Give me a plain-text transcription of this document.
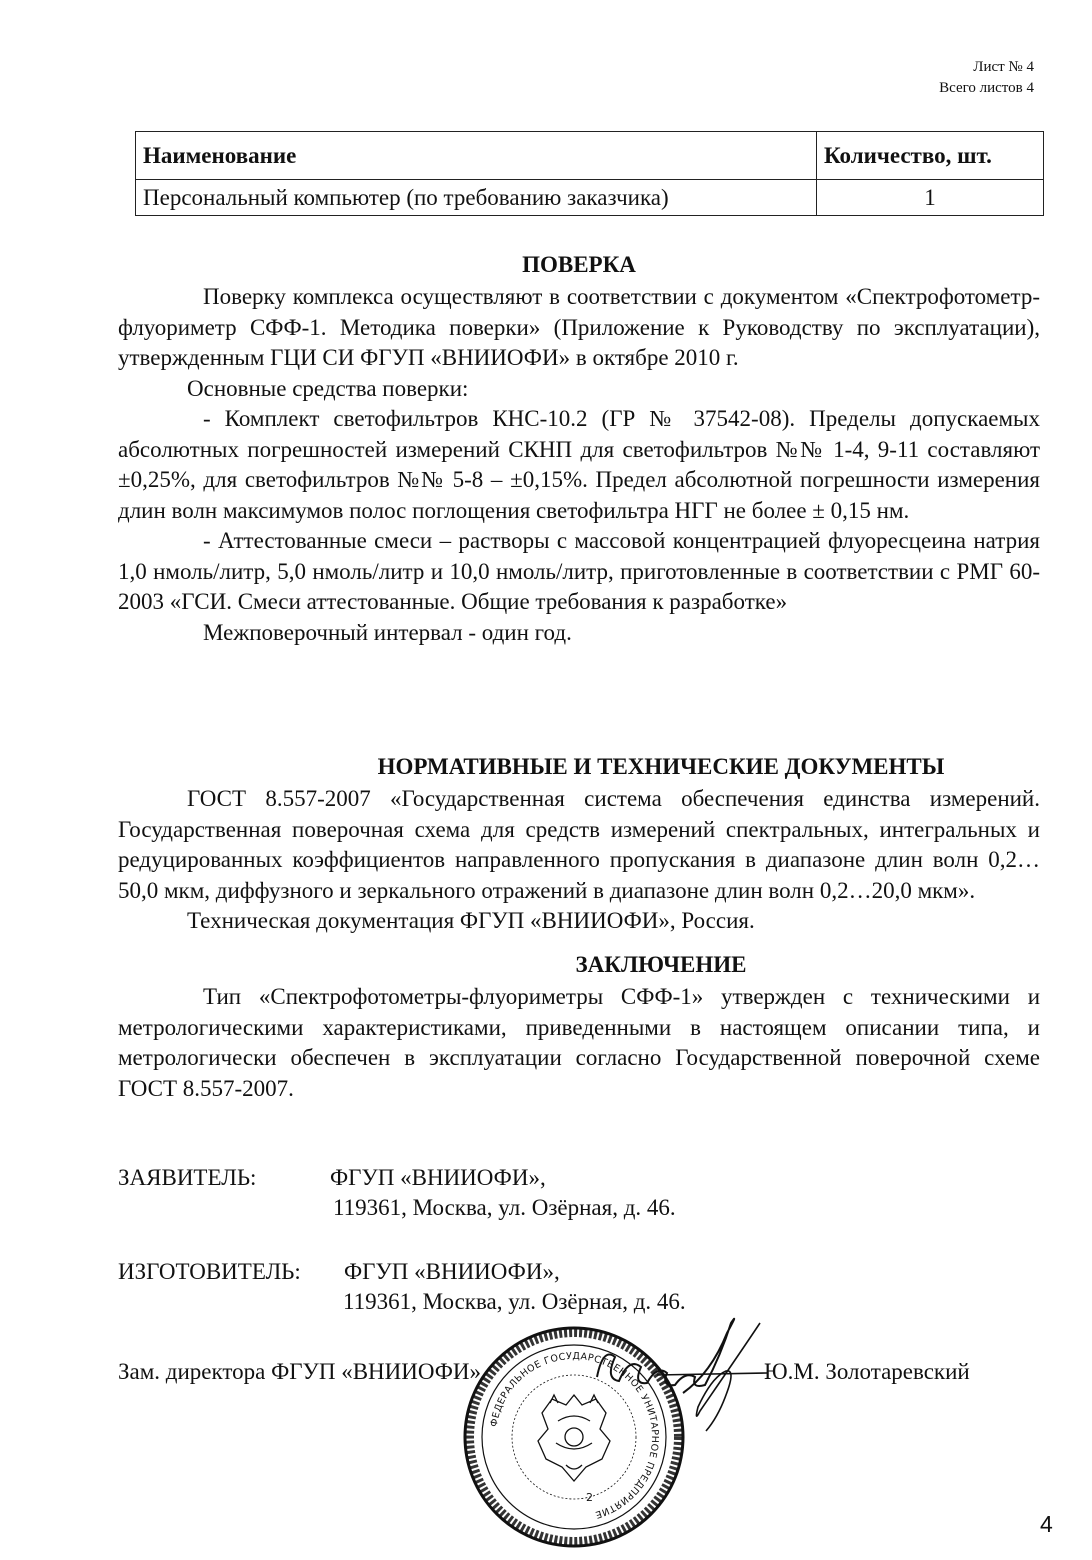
Лист № 4
Всего листов 4
Наименование	Количество, шт.
Персональный компьютер (по требованию заказчика)	1
ПОВЕРКА

Поверку комплекса осуществляют в соответствии с документом «Спектрофотометр-флуориметр СФФ-1. Методика поверки» (Приложение к Руководству по эксплуатации), утвержденным ГЦИ СИ ФГУП «ВНИИОФИ» в октябре 2010 г.

Основные средства поверки:

- Комплект светофильтров КНС-10.2 (ГР № 37542-08). Пределы допускаемых абсолютных погрешностей измерений СКНП для светофильтров №№ 1-4, 9-11 составляют ±0,25%, для светофильтров №№ 5-8 – ±0,15%. Предел абсолютной погрешности измерения длин волн максимумов полос поглощения светофильтра НГГ не более ± 0,15 нм.

- Аттестованные смеси – растворы с массовой концентрацией флуоресцеина натрия 1,0 нмоль/литр, 5,0 нмоль/литр и 10,0 нмоль/литр, приготовленные в соответствии с РМГ 60-2003 «ГСИ. Смеси аттестованные. Общие требования к разработке»

Межповерочный интервал - один год.

НОРМАТИВНЫЕ И ТЕХНИЧЕСКИЕ ДОКУМЕНТЫ

ГОСТ 8.557-2007 «Государственная система обеспечения единства измерений. Государственная поверочная схема для средств измерений спектральных, интегральных и редуцированных коэффициентов направленного пропускания в диапазоне длин волн 0,2…50,0 мкм, диффузного и зеркального отражений в диапазоне длин волн 0,2…20,0 мкм».

Техническая документация ФГУП «ВНИИОФИ», Россия.

ЗАКЛЮЧЕНИЕ

Тип «Спектрофотометры-флуориметры СФФ-1» утвержден с техническими и метрологическими характеристиками, приведенными в настоящем описании типа, и метрологически обеспечен в эксплуатации согласно Государственной поверочной схеме ГОСТ 8.557-2007.

ЗАЯВИТЕЛЬ:	ФГУП «ВНИИОФИ»,
119361, Москва, ул. Озёрная, д. 46.
ИЗГОТОВИТЕЛЬ: ФГУП «ВНИИОФИ»,
119361, Москва, ул. Озёрная, д. 46.
Зам. директора ФГУП «ВНИИОФИ»	Ю.М. Золотаревский
ФЕДЕРАЛЬНОЕ ГОСУДАРСТВЕННОЕ УНИТАРНОЕ ПРЕДПРИЯТИЕ
2
4
